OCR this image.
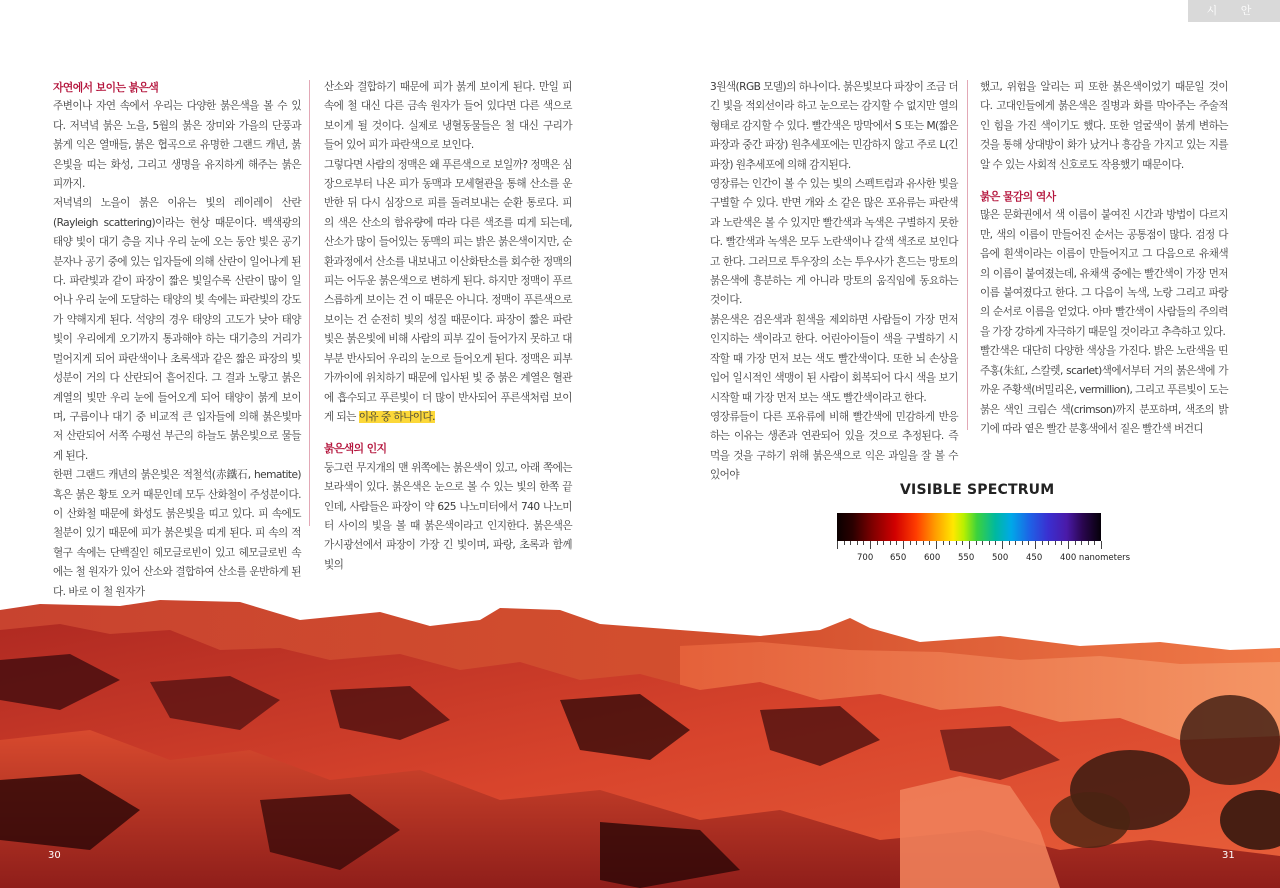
시 안

자연에서 보이는 붉은색

주변이나 자연 속에서 우리는 다양한 붉은색을 볼 수 있다. 저녁녘 붉은 노을, 5월의 붉은 장미와 가을의 단풍과 붉게 익은 열매들, 붉은 협곡으로 유명한 그랜드 캐년, 붉은빛을 띠는 화성, 그리고 생명을 유지하게 해주는 붉은 피까지.

저녁녘의 노을이 붉은 이유는 빛의 레이레이 산란(Rayleigh scattering)이라는 현상 때문이다. 백색광의 태양 빛이 대기 층을 지나 우리 눈에 오는 동안 빛은 공기 분자나 공기 중에 있는 입자들에 의해 산란이 일어나게 된다. 파란빛과 같이 파장이 짧은 빛일수록 산란이 많이 일어나 우리 눈에 도달하는 태양의 빛 속에는 파란빛의 강도가 약해지게 된다. 석양의 경우 태양의 고도가 낮아 태양빛이 우리에게 오기까지 통과해야 하는 대기층의 거리가 멀어지게 되어 파란색이나 초록색과 같은 짧은 파장의 빛 성분이 거의 다 산란되어 흩어진다. 그 결과 노랗고 붉은 계열의 빛만 우리 눈에 들어오게 되어 태양이 붉게 보이며, 구름이나 대기 중 비교적 큰 입자들에 의해 붉은빛마저 산란되어 서쪽 수평선 부근의 하늘도 붉은빛으로 물들게 된다.

한편 그랜드 캐년의 붉은빛은 적철석(赤鐵石, hematite) 혹은 붉은 황토 오커 때문인데 모두 산화철이 주성분이다. 이 산화철 때문에 화성도 붉은빛을 띠고 있다. 피 속에도 철분이 있기 때문에 피가 붉은빛을 띠게 된다. 피 속의 적혈구 속에는 단백질인 헤모글로빈이 있고 헤모글로빈 속에는 철 원자가 있어 산소와 결합하여 산소를 운반하게 된다. 바로 이 철 원자가

산소와 결합하기 때문에 피가 붉게 보이게 된다. 만일 피 속에 철 대신 다른 금속 원자가 들어 있다면 다른 색으로 보이게 될 것이다. 실제로 냉혈동물들은 철 대신 구리가 들어 있어 피가 파란색으로 보인다.

그렇다면 사람의 정맥은 왜 푸른색으로 보일까? 정맥은 심장으로부터 나온 피가 동맥과 모세혈관을 통해 산소를 운반한 뒤 다시 심장으로 피를 돌려보내는 순환 통로다. 피의 색은 산소의 함유량에 따라 다른 색조를 띠게 되는데, 산소가 많이 들어있는 동맥의 피는 밝은 붉은색이지만, 순환과정에서 산소를 내보내고 이산화탄소를 회수한 정맥의 피는 어두운 붉은색으로 변하게 된다. 하지만 정맥이 푸르스름하게 보이는 건 이 때문은 아니다. 정맥이 푸른색으로 보이는 건 순전히 빛의 성질 때문이다. 파장이 짧은 파란빛은 붉은빛에 비해 사람의 피부 깊이 들어가지 못하고 대부분 반사되어 우리의 눈으로 들어오게 된다. 정맥은 피부 가까이에 위치하기 때문에 입사된 빛 중 붉은 계열은 혈관에 흡수되고 푸른빛이 더 많이 반사되어 푸른색처럼 보이게 되는 이유 중 하나이다.

붉은색의 인지

둥그런 무지개의 맨 위쪽에는 붉은색이 있고, 아래 쪽에는 보라색이 있다. 붉은색은 눈으로 볼 수 있는 빛의 한쪽 끝인데, 사람들은 파장이 약 625 나노미터에서 740 나노미터 사이의 빛을 볼 때 붉은색이라고 인지한다. 붉은색은 가시광선에서 파장이 가장 긴 빛이며, 파랑, 초록과 함께 빛의

3원색(RGB 모델)의 하나이다. 붉은빛보다 파장이 조금 더 긴 빛을 적외선이라 하고 눈으로는 감지할 수 없지만 열의 형태로 감지할 수 있다. 빨간색은 망막에서 S 또는 M(짧은 파장과 중간 파장) 원추세포에는 민감하지 않고 주로 L(긴 파장) 원추세포에 의해 감지된다.

영장류는 인간이 볼 수 있는 빛의 스펙트럼과 유사한 빛을 구별할 수 있다. 반면 개와 소 같은 많은 포유류는 파란색과 노란색은 볼 수 있지만 빨간색과 녹색은 구별하지 못한다. 빨간색과 녹색은 모두 노란색이나 갈색 색조로 보인다고 한다. 그러므로 투우장의 소는 투우사가 흔드는 망토의 붉은색에 흥분하는 게 아니라 망토의 움직임에 동요하는 것이다.

붉은색은 검은색과 흰색을 제외하면 사람들이 가장 먼저 인지하는 색이라고 한다. 어린아이들이 색을 구별하기 시작할 때 가장 먼저 보는 색도 빨간색이다. 또한 뇌 손상을 입어 일시적인 색맹이 된 사람이 회복되어 다시 색을 보기 시작할 때 가장 먼저 보는 색도 빨간색이라고 한다.

영장류들이 다른 포유류에 비해 빨간색에 민감하게 반응하는 이유는 생존과 연관되어 있을 것으로 추정된다. 즉 먹을 것을 구하기 위해 붉은색으로 익은 과일을 잘 볼 수 있어야

했고, 위험을 알리는 피 또한 붉은색이었기 때문일 것이다. 고대인들에게 붉은색은 질병과 화를 막아주는 주술적인 힘을 가진 색이기도 했다. 또한 얼굴색이 붉게 변하는 것을 통해 상대방이 화가 났거나 흥감을 가지고 있는 지를 알 수 있는 사회적 신호로도 작용했기 때문이다.

붉은 물감의 역사

많은 문화권에서 색 이름이 붙여진 시간과 방법이 다르지만, 색의 이름이 만들어진 순서는 공통점이 많다. 검정 다음에 흰색이라는 이름이 만들어지고 그 다음으로 유채색의 이름이 붙여졌는데, 유채색 중에는 빨간색이 가장 먼저 이름 붙여졌다고 한다. 그 다음이 녹색, 노랑 그리고 파랑의 순서로 이름을 얻었다. 아마 빨간색이 사람들의 주의력을 가장 강하게 자극하기 때문일 것이라고 추측하고 있다.

빨간색은 대단히 다양한 색상을 가진다. 밝은 노란색을 띤 주홍(朱紅, 스칼렛, scarlet)색에서부터 거의 붉은색에 가까운 주황색(버밀리온, vermillion), 그리고 푸른빛이 도는 붉은 색인 크림슨 색(crimson)까지 분포하며, 색조의 밝기에 따라 옅은 빨간 분홍색에서 짙은 빨간색 버건디

VISIBLE SPECTRUM
700 650 600 550 500 450 400 nanometers
30	31
